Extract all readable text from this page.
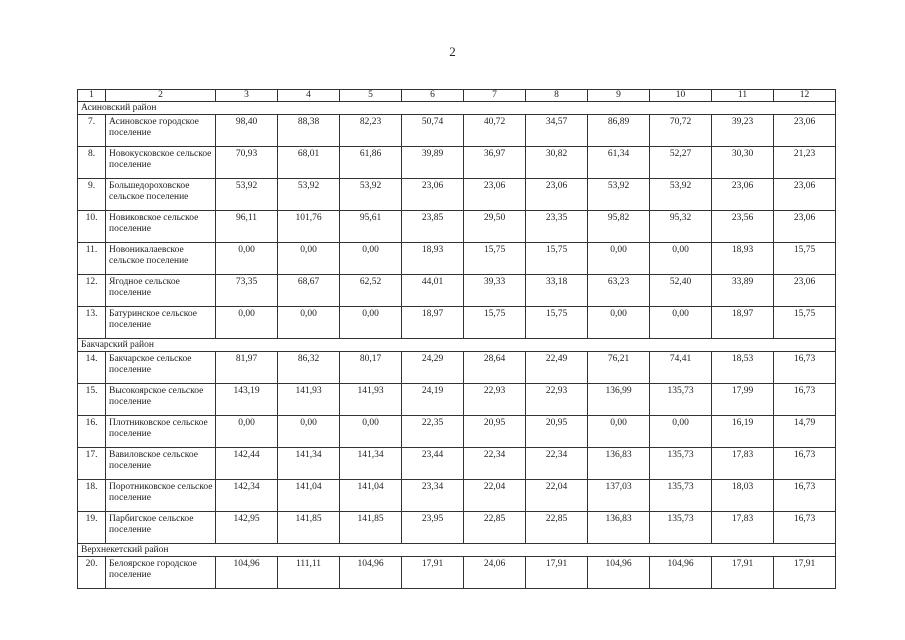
2
1	2	3	4	5	6	7	8	9	10	11	12
Асиновский район											
7.	Асиновское городское поселение	98,40	88,38	82,23	50,74	40,72	34,57	86,89	70,72	39,23	23,06
8.	Новокусковское сельское поселение	70,93	68,01	61,86	39,89	36,97	30,82	61,34	52,27	30,30	21,23
9.	Большедороховское сельское поселение	53,92	53,92	53,92	23,06	23,06	23,06	53,92	53,92	23,06	23,06
10.	Новиковское сельское поселение	96,11	101,76	95,61	23,85	29,50	23,35	95,82	95,32	23,56	23,06
11.	Новоникалаевское сельское поселение	0,00	0,00	0,00	18,93	15,75	15,75	0,00	0,00	18,93	15,75
12.	Ягодное сельское поселение	73,35	68,67	62,52	44,01	39,33	33,18	63,23	52,40	33,89	23,06
13.	Батуринское сельское поселение	0,00	0,00	0,00	18,97	15,75	15,75	0,00	0,00	18,97	15,75
Бакчарский район											
14.	Бакчарское сельское поселение	81,97	86,32	80,17	24,29	28,64	22,49	76,21	74,41	18,53	16,73
15.	Высокоярское сельское поселение	143,19	141,93	141,93	24,19	22,93	22,93	136,99	135,73	17,99	16,73
16.	Плотниковское сельское поселение	0,00	0,00	0,00	22,35	20,95	20,95	0,00	0,00	16,19	14,79
17.	Вавиловское сельское поселение	142,44	141,34	141,34	23,44	22,34	22,34	136,83	135,73	17,83	16,73
18.	Поротниковское сельское поселение	142,34	141,04	141,04	23,34	22,04	22,04	137,03	135,73	18,03	16,73
19.	Парбигское сельское поселение	142,95	141,85	141,85	23,95	22,85	22,85	136,83	135,73	17,83	16,73
Верхнекетский район											
20.	Белоярское городское поселение	104,96	111,11	104,96	17,91	24,06	17,91	104,96	104,96	17,91	17,91
